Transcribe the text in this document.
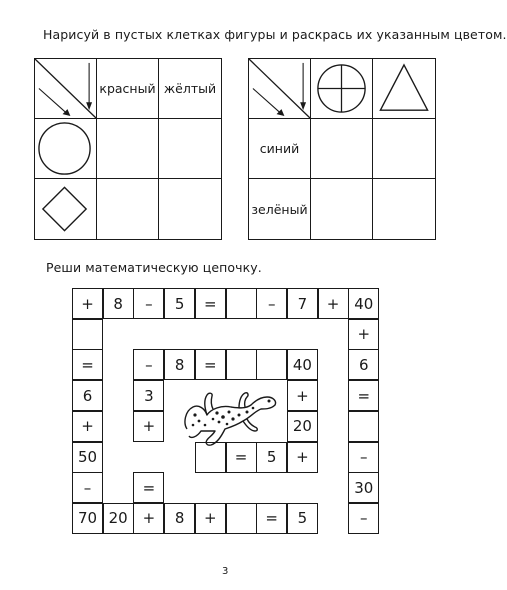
Нарисуй в пустых клетках фигуры и раскрась их указанным цветом.
красный жёлтый
синий
зелёный
Реши математическую цепочку.
+	8	–	5	=	–	7	+ 40
+
6
=
–
30
–
70 20 +	8	+	=	5
=
6
+
50
–
–	8	=	40
3
+
=
+
20
=	5	+
3
